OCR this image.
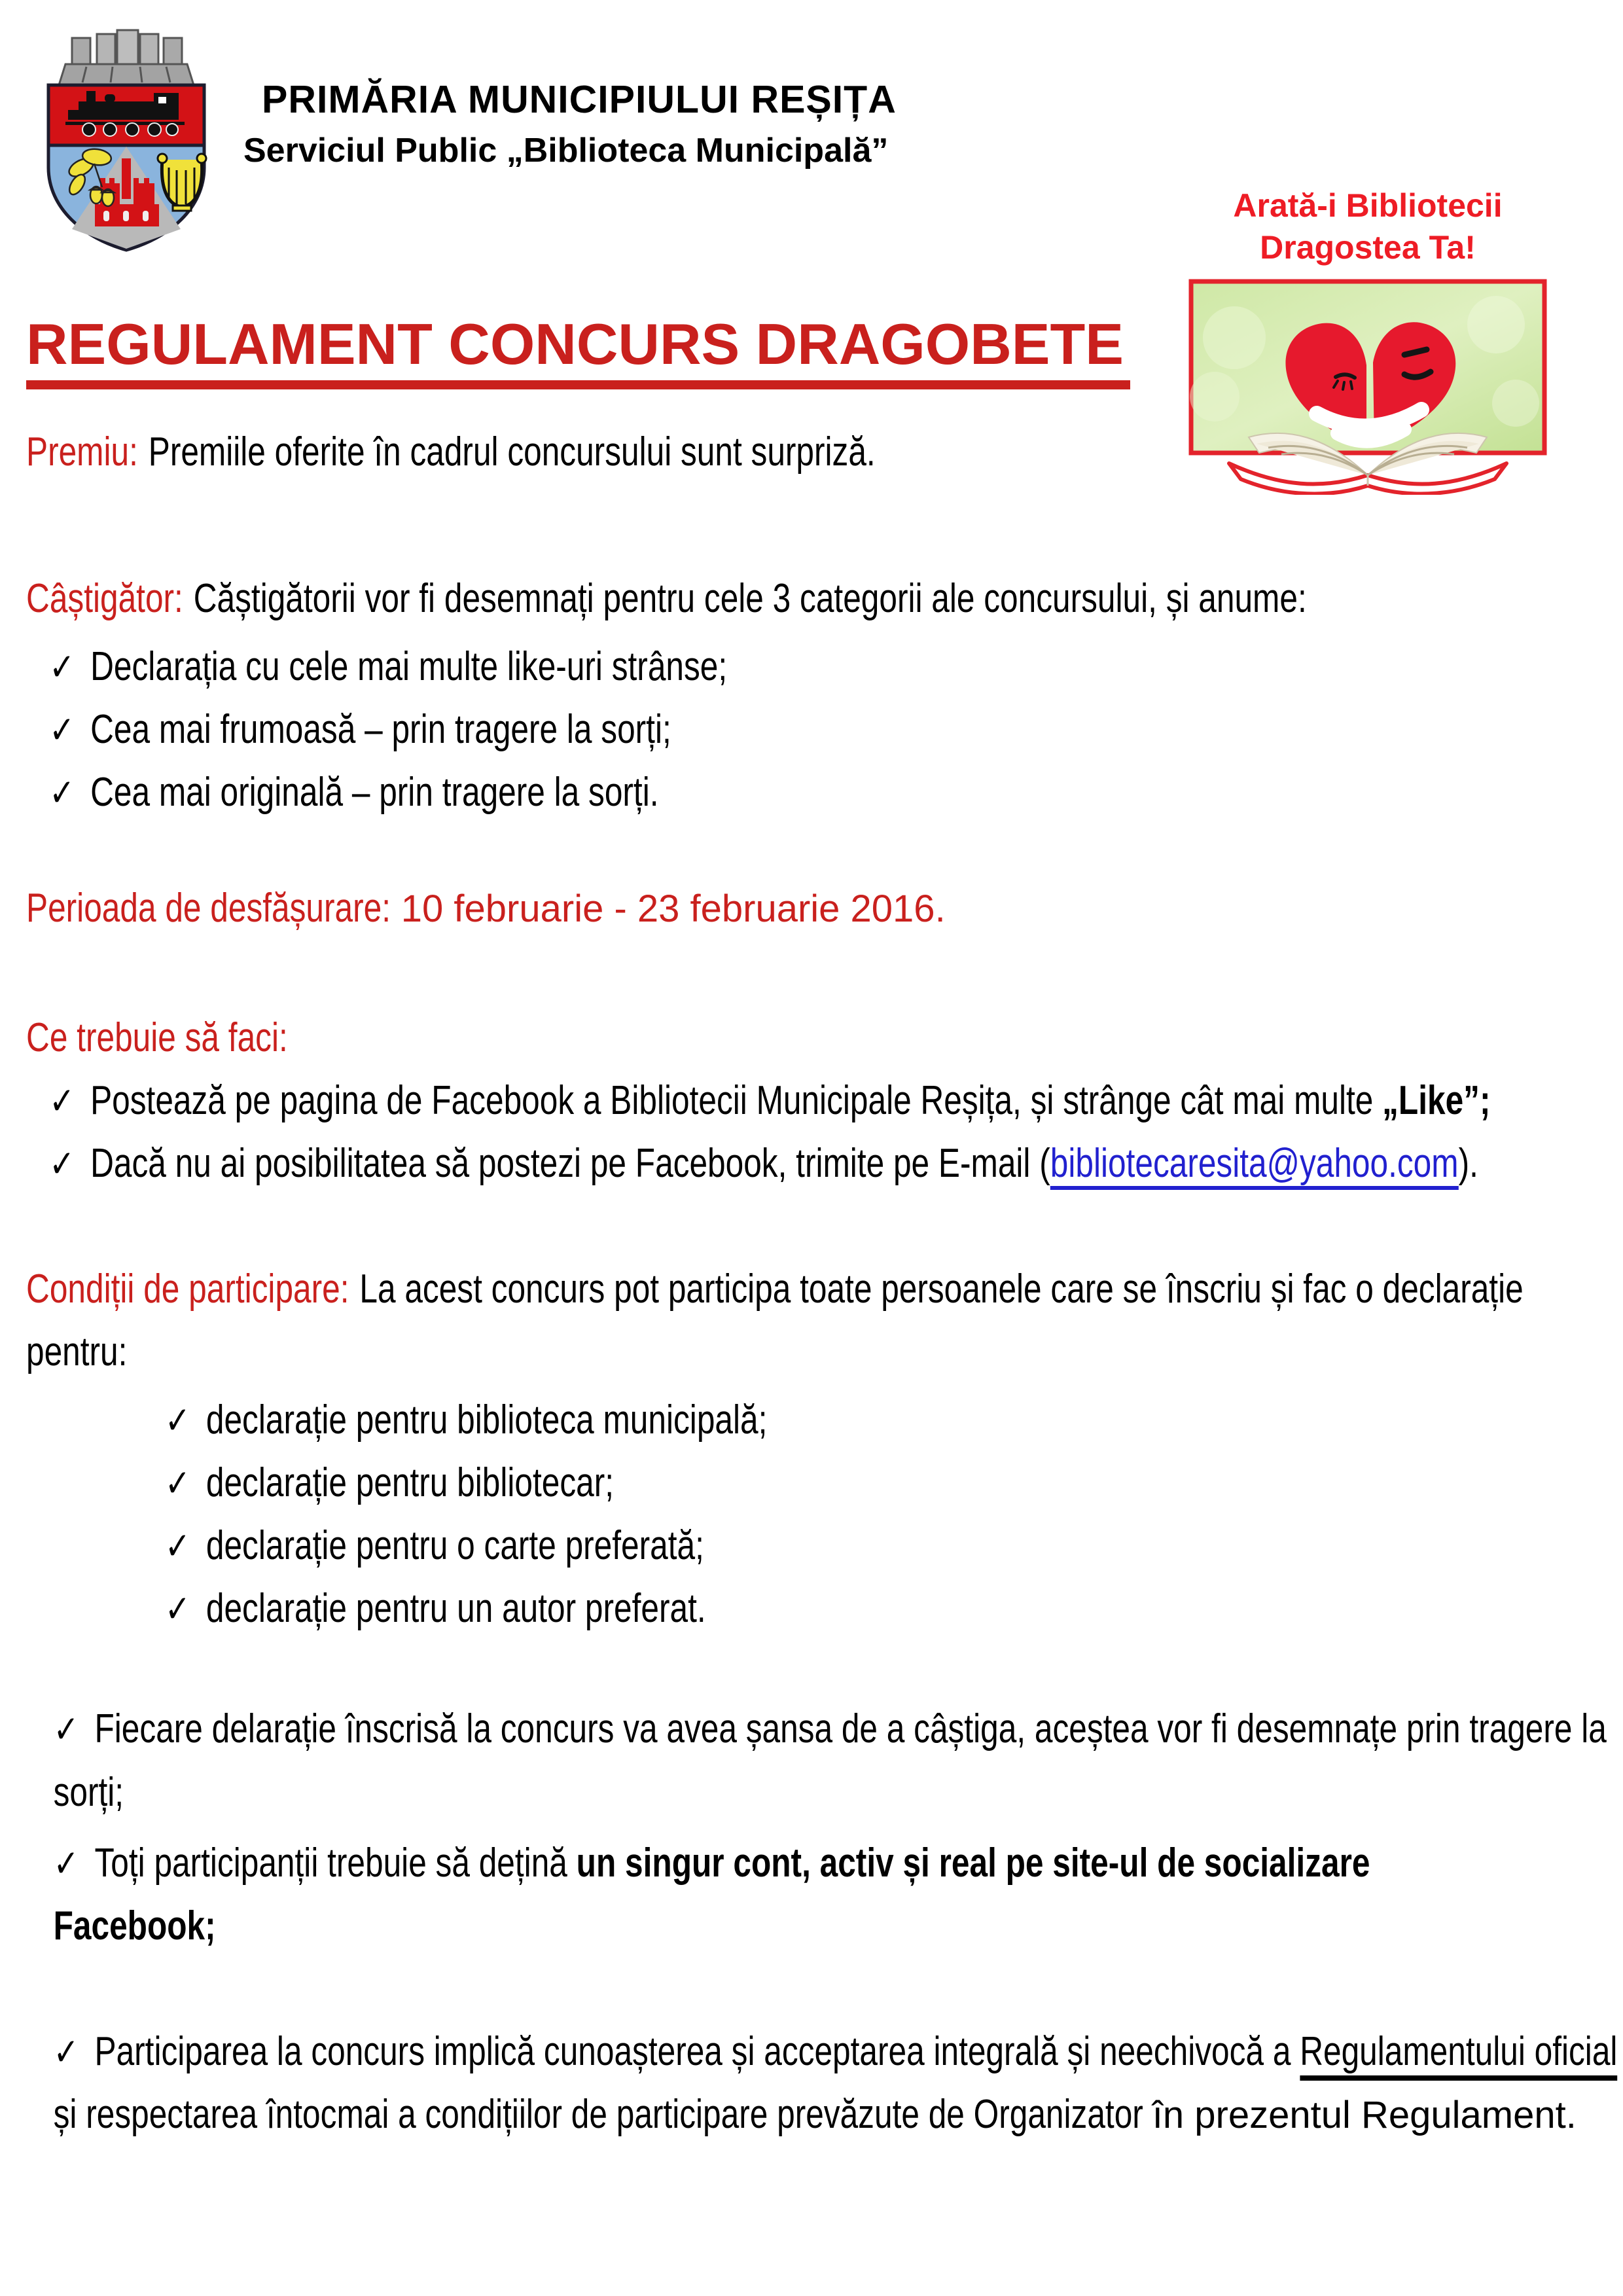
PRIMĂRIA MUNICIPIULUI REȘIȚA
Serviciul Public „Biblioteca Municipală”
Arată-i Bibliotecii
Dragostea Ta!
REGULAMENT CONCURS DRAGOBETE

Premiu: Premiile oferite în cadrul concursului sunt surpriză.

Câștigător: Căștigătorii vor fi desemnați pentru cele 3 categorii ale concursului, și anume:

✓ Declarația cu cele mai multe like-uri strânse;
✓ Cea mai frumoasă – prin tragere la sorți;
✓ Cea mai originală – prin tragere la sorți.

Perioada de desfășurare: 10 februarie - 23 februarie 2016.

Ce trebuie să faci:

✓ Postează pe pagina de Facebook a Bibliotecii Municipale Reșița, și strânge cât mai multe „Like”;
✓ Dacă nu ai posibilitatea să postezi pe Facebook, trimite pe E-mail (bibliotecaresita@yahoo.com).

Condiții de participare: La acest concurs pot participa toate persoanele care se înscriu și fac o declarație pentru:

✓ declarație pentru biblioteca municipală;
✓ declarație pentru bibliotecar;
✓ declarație pentru o carte preferată;
✓ declarație pentru un autor preferat.

✓ Fiecare delarație înscrisă la concurs va avea șansa de a câștiga, aceștea vor fi desemnațe prin tragere la sorți;

✓ Toți participanții trebuie să dețină un singur cont, activ și real pe site-ul de socializare
Facebook;

✓ Participarea la concurs implică cunoașterea și acceptarea integrală și neechivocă a Regulamentului oficial și respectarea întocmai a condițiilor de participare prevăzute de Organizator în prezentul Regulament.
